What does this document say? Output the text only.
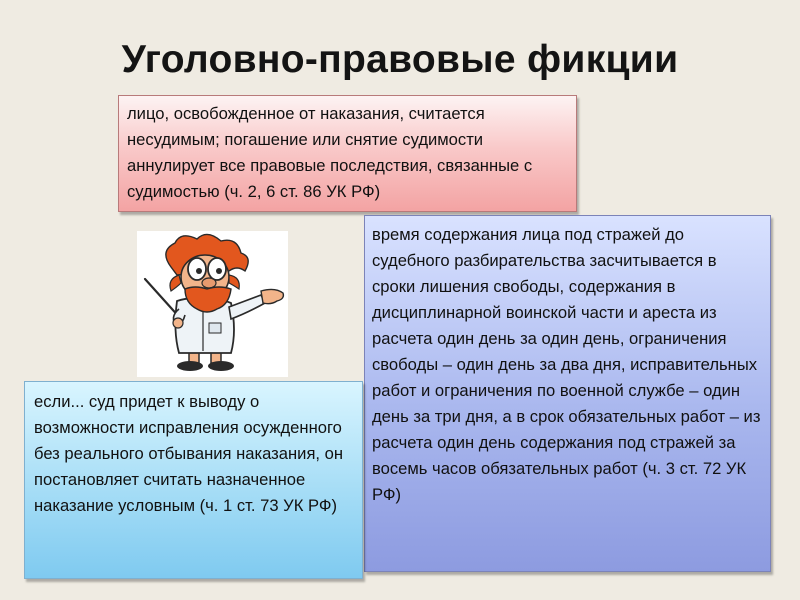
Уголовно-правовые фикции

лицо, освобожденное от наказания, считается несудимым; погашение или снятие судимости аннулирует все правовые последствия, связанные с судимостью (ч. 2, 6 ст. 86 УК РФ)

время содержания лица под стражей до судебного разбирательства засчитывается в сроки лишения свободы, содержания в дисциплинарной воинской части и ареста из расчета один день за один день, ограничения свободы – один день за два дня, исправительных работ и ограничения по военной службе – один день за три дня, а в срок обязательных работ – из расчета один день содержания под стражей за восемь часов обязательных работ (ч. 3 ст. 72 УК РФ)

если... суд придет к выводу о возможности исправления осужденного без реального отбывания наказания, он постановляет считать назначенное наказание условным (ч. 1 ст. 73 УК РФ)
